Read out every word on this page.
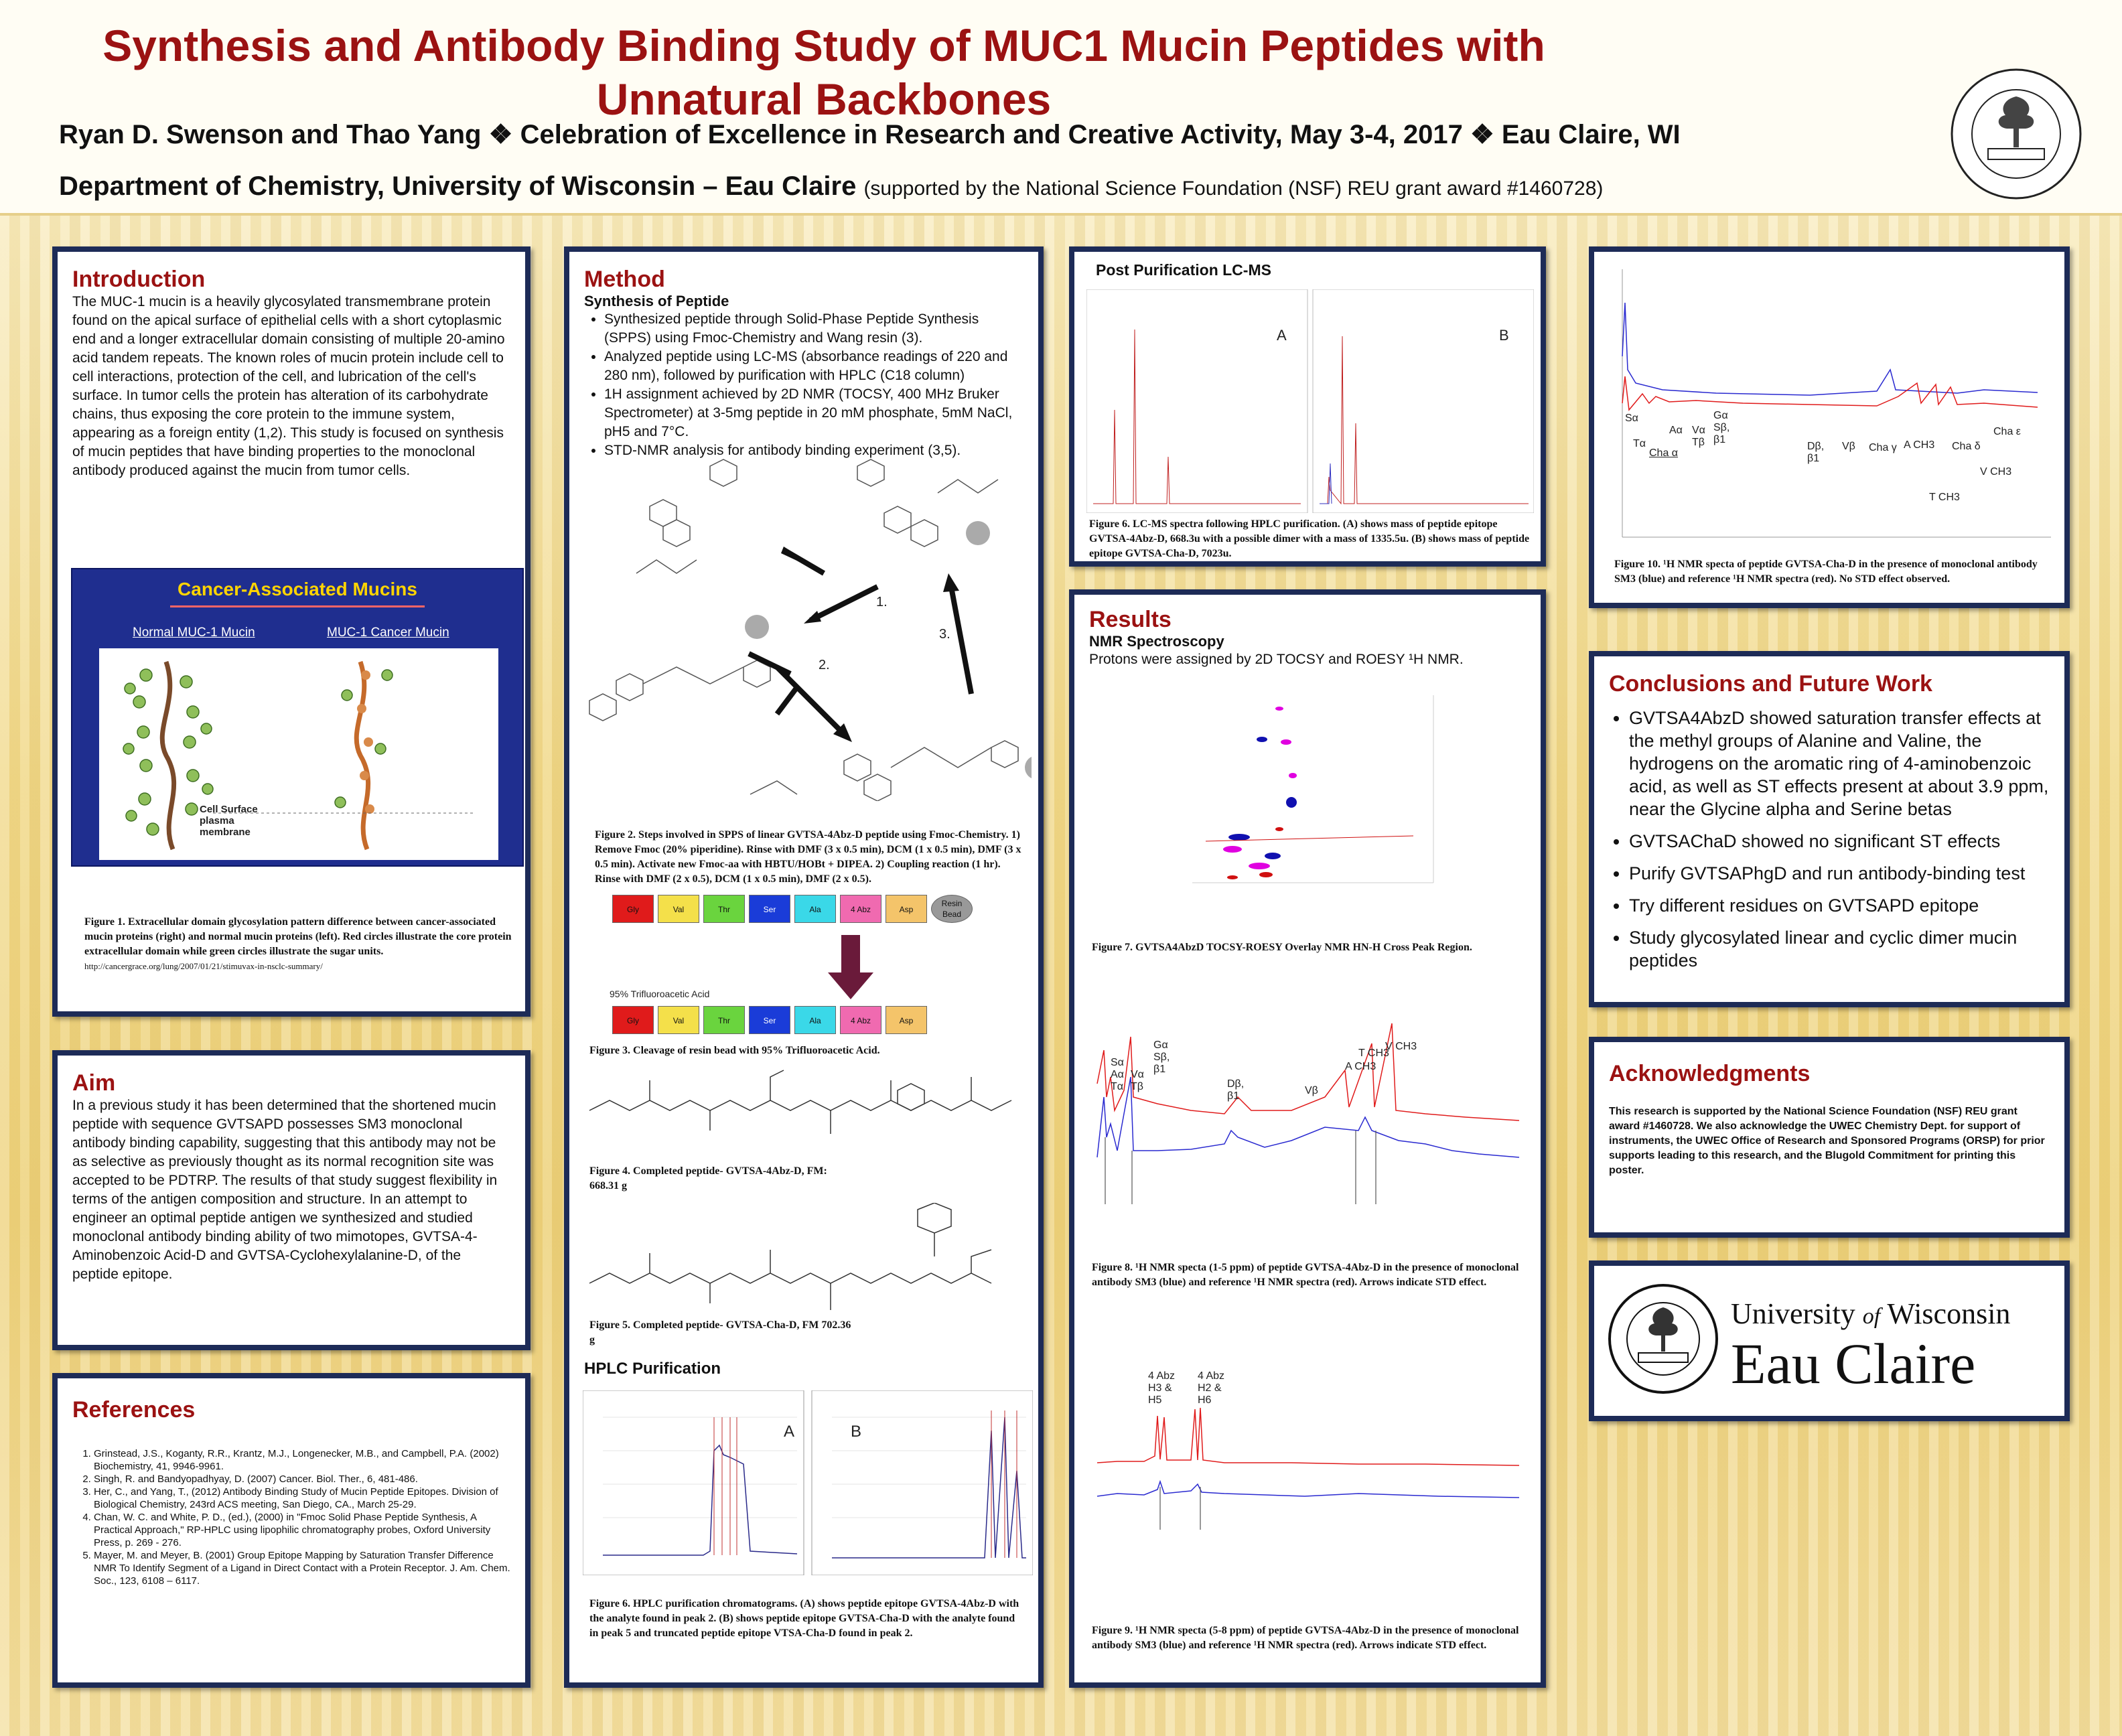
Synthesis and Antibody Binding Study of MUC1 Mucin Peptides with Unnatural Backbones
Ryan D. Swenson and Thao Yang ❖ Celebration of Excellence in Research and Creative Activity, May 3-4, 2017 ❖ Eau Claire, WI
Department of Chemistry, University of Wisconsin – Eau Claire (supported by the National Science Foundation (NSF) REU grant award #1460728)
Introduction

The MUC-1 mucin is a heavily glycosylated transmembrane protein found on the apical surface of epithelial cells with a short cytoplasmic end and a longer extracellular domain consisting of multiple 20-amino acid tandem repeats. The known roles of mucin protein include cell to cell interactions, protection of the cell, and lubrication of the cell's surface. In tumor cells the protein has alteration of its carbohydrate chains, thus exposing the core protein to the immune system, appearing as a foreign entity (1,2). This study is focused on synthesis of mucin peptides that have binding properties to the monoclonal antibody produced against the mucin from tumor cells.

Cancer-Associated Mucins
Normal MUC-1 Mucin	MUC-1 Cancer Mucin
Cell Surface plasma membrane
Figure 1. Extracellular domain glycosylation pattern difference between cancer-associated mucin proteins (right) and normal mucin proteins (left). Red circles illustrate the core protein extracellular domain while green circles illustrate the sugar units. http://cancergrace.org/lung/2007/01/21/stimuvax-in-nsclc-summary/
Aim

In a previous study it has been determined that the shortened mucin peptide with sequence GVTSAPD possesses SM3 monoclonal antibody binding capability, suggesting that this antibody may not be as selective as previously thought as its normal recognition site was accepted to be PDTRP. The results of that study suggest flexibility in terms of the antigen composition and structure. In an attempt to engineer an optimal peptide antigen we synthesized and studied monoclonal antibody binding ability of two mimotopes, GVTSA-4-Aminobenzoic Acid-D and GVTSA-Cyclohexylalanine-D, of the peptide epitope.

References
1. Grinstead, J.S., Koganty, R.R., Krantz, M.J., Longenecker, M.B., and Campbell, P.A. (2002) Biochemistry, 41, 9946-9961.
2. Singh, R. and Bandyopadhyay, D. (2007) Cancer. Biol. Ther., 6, 481-486.
3. Her, C., and Yang, T., (2012) Antibody Binding Study of Mucin Peptide Epitopes. Division of Biological Chemistry, 243rd ACS meeting, San Diego, CA., March 25-29.
4. Chan, W. C. and White, P. D., (ed.), (2000) in "Fmoc Solid Phase Peptide Synthesis, A Practical Approach," RP-HPLC using lipophilic chromatography probes, Oxford University Press, p. 269 - 276.
5. Mayer, M. and Meyer, B. (2001) Group Epitope Mapping by Saturation Transfer Difference NMR To Identify Segment of a Ligand in Direct Contact with a Protein Receptor. J. Am. Chem. Soc., 123, 6108 – 6117.
Method
Synthesis of Peptide
• Synthesized peptide through Solid-Phase Peptide Synthesis (SPPS) using Fmoc-Chemistry and Wang resin (3).
• Analyzed peptide using LC-MS (absorbance readings of 220 and 280 nm), followed by purification with HPLC (C18 column)
• 1H assignment achieved by 2D NMR (TOCSY, 400 MHz Bruker Spectrometer) at 3-5mg peptide in 20 mM phosphate, 5mM NaCl, pH5 and 7°C.
• STD-NMR analysis for antibody binding experiment (3,5).
1.
2.
3.
Figure 2. Steps involved in SPPS of linear GVTSA-4Abz-D peptide using Fmoc-Chemistry. 1) Remove Fmoc (20% piperidine). Rinse with DMF (3 x 0.5 min), DCM (1 x 0.5 min), DMF (3 x 0.5 min). Activate new Fmoc-aa with HBTU/HOBt + DIPEA. 2) Coupling reaction (1 hr). Rinse with DMF (2 x 0.5), DCM (1 x 0.5 min), DMF (2 x 0.5).
Gly	Val	Thr	Ser	Ala	4 Abz	Asp
Resin Bead
95% Trifluoroacetic Acid
Gly	Val	Thr	Ser	Ala	4 Abz	Asp
Figure 3. Cleavage of resin bead with 95% Trifluoroacetic Acid.
Figure 4. Completed peptide- GVTSA-4Abz-D, FM: 668.31 g
Figure 5. Completed peptide- GVTSA-Cha-D, FM 702.36 g
HPLC Purification
A	B
Figure 6. HPLC purification chromatograms. (A) shows peptide epitope GVTSA-4Abz-D with the analyte found in peak 2. (B) shows peptide epitope GVTSA-Cha-D with the analyte found in peak 5 and truncated peptide epitope VTSA-Cha-D found in peak 2.
Post Purification LC-MS
A	B
Figure 6. LC-MS spectra following HPLC purification. (A) shows mass of peptide epitope GVTSA-4Abz-D, 668.3u with a possible dimer with a mass of 1335.5u. (B) shows mass of peptide epitope GVTSA-Cha-D, 7023u.
Results
NMR Spectroscopy
Protons were assigned by 2D TOCSY and ROESY ¹H NMR.
Figure 7. GVTSA4AbzD TOCSY-ROESY Overlay NMR HN-H Cross Peak Region.
Sα
Aα
Tα
Vα
Tβ
Gα
Sβ,
β1
Dβ,
β1	Vβ
A CH3
T CH3
V CH3
Figure 8. ¹H NMR specta (1-5 ppm) of peptide GVTSA-4Abz-D in the presence of monoclonal antibody SM3 (blue) and reference ¹H NMR spectra (red). Arrows indicate STD effect.
4 Abz
H3 &
H5
4 Abz
H2 &
H6
Figure 9. ¹H NMR specta (5-8 ppm) of peptide GVTSA-4Abz-D in the presence of monoclonal antibody SM3 (blue) and reference ¹H NMR spectra (red). Arrows indicate STD effect.
Sα
Tα
Cha α
Aα Vα
Tβ
Gα
Sβ,
β1
Dβ,
β1
Vβ Cha γ A CH3 Cha δ
Cha ε
V CH3
T CH3
Figure 10. ¹H NMR specta of peptide GVTSA-Cha-D in the presence of monoclonal antibody SM3 (blue) and reference ¹H NMR spectra (red). No STD effect observed.
Conclusions and Future Work
• GVTSA4AbzD showed saturation transfer effects at the methyl groups of Alanine and Valine, the hydrogens on the aromatic ring of 4-aminobenzoic acid, as well as ST effects present at about 3.9 ppm, near the Glycine alpha and Serine betas
• GVTSAChaD showed no significant ST effects
• Purify GVTSAPhgD and run antibody-binding test
• Try different residues on GVTSAPD epitope
• Study glycosylated linear and cyclic dimer mucin peptides
Acknowledgments

This research is supported by the National Science Foundation (NSF) REU grant award #1460728. We also acknowledge the UWEC Chemistry Dept. for support of instruments, the UWEC Office of Research and Sponsored Programs (ORSP) for prior supports leading to this research, and the Blugold Commitment for printing this poster.

University of Wisconsin
Eau Claire
